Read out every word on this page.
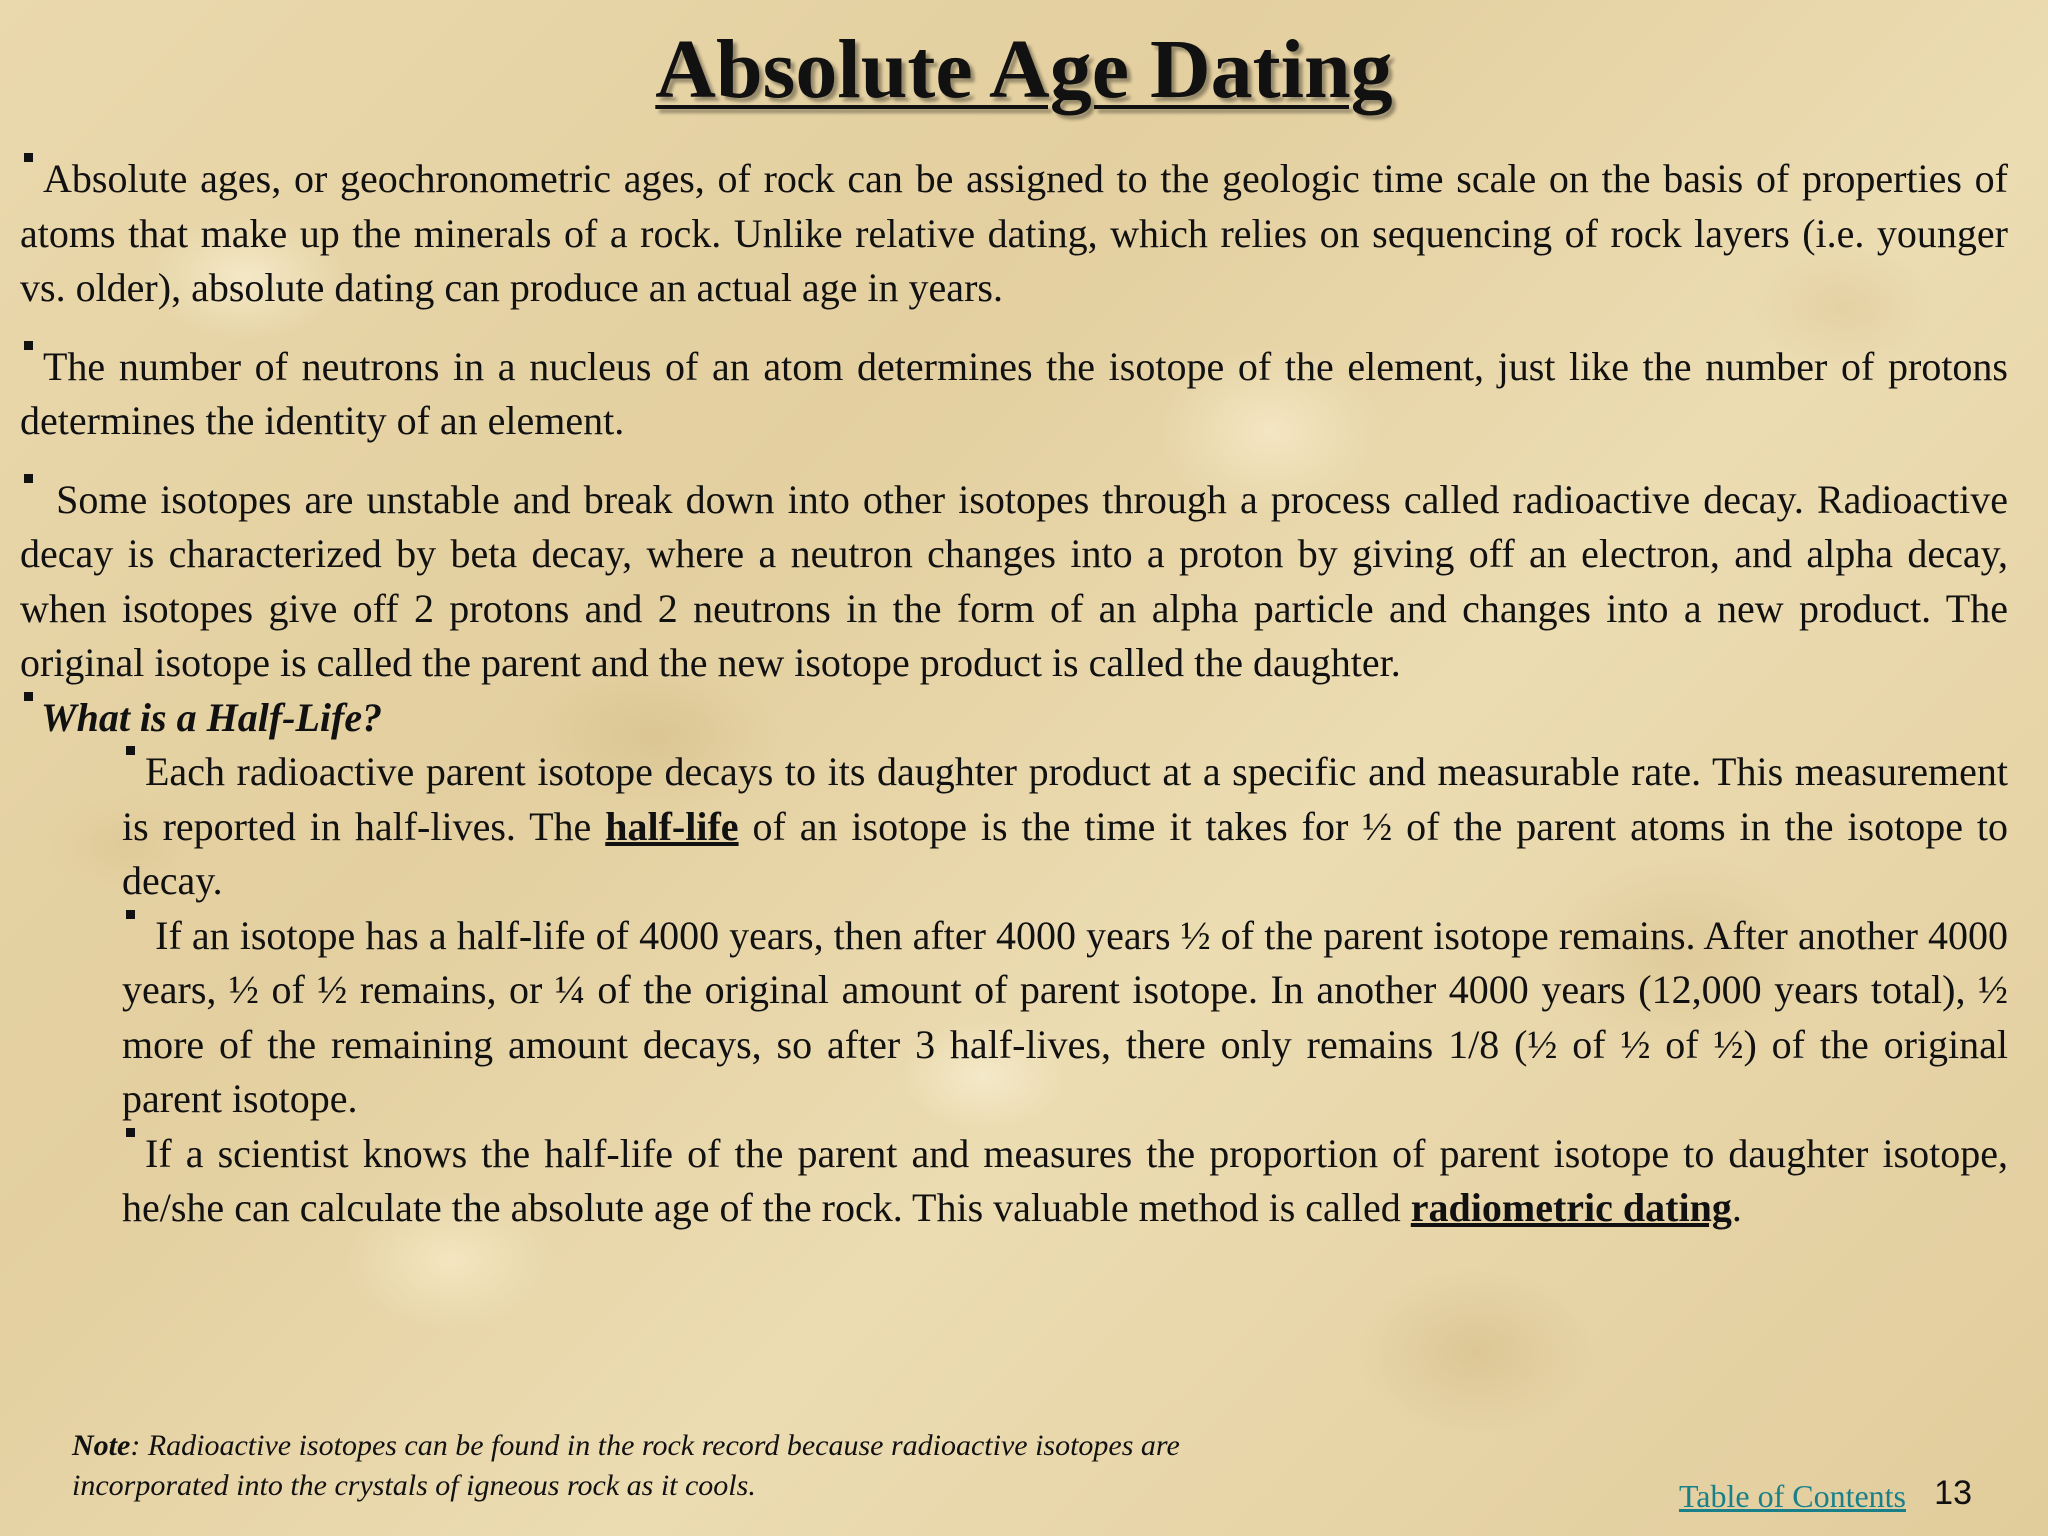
Absolute Age Dating

Absolute ages, or geochronometric ages, of rock can be assigned to the geologic time scale on the basis of properties of atoms that make up the minerals of a rock. Unlike relative dating, which relies on sequencing of rock layers (i.e. younger vs. older), absolute dating can produce an actual age in years.

The number of neutrons in a nucleus of an atom determines the isotope of the element, just like the number of protons determines the identity of an element.

Some isotopes are unstable and break down into other isotopes through a process called radioactive decay. Radioactive decay is characterized by beta decay, where a neutron changes into a proton by giving off an electron, and alpha decay, when isotopes give off 2 protons and 2 neutrons in the form of an alpha particle and changes into a new product. The original isotope is called the parent and the new isotope product is called the daughter.

What is a Half-Life?

Each radioactive parent isotope decays to its daughter product at a specific and measurable rate. This measurement is reported in half-lives. The half-life of an isotope is the time it takes for ½ of the parent atoms in the isotope to decay.

If an isotope has a half-life of 4000 years, then after 4000 years ½ of the parent isotope remains. After another 4000 years, ½ of ½ remains, or ¼ of the original amount of parent isotope. In another 4000 years (12,000 years total), ½ more of the remaining amount decays, so after 3 half-lives, there only remains 1/8 (½ of ½ of ½) of the original parent isotope.

If a scientist knows the half-life of the parent and measures the proportion of parent isotope to daughter isotope, he/she can calculate the absolute age of the rock. This valuable method is called radiometric dating.

Note: Radioactive isotopes can be found in the rock record because radioactive isotopes are incorporated into the crystals of igneous rock as it cools.	Table of Contents 13
